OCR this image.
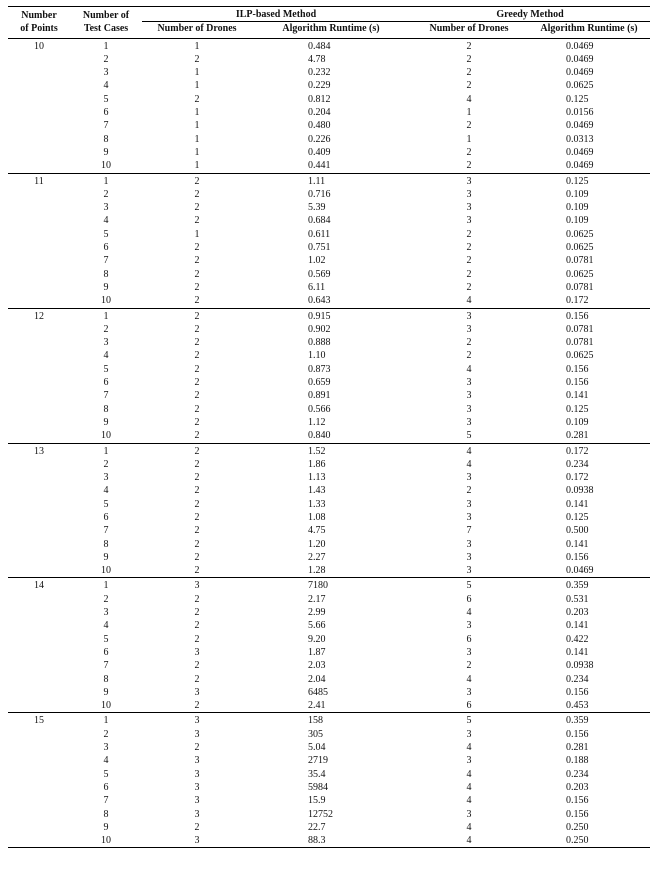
Number	Number of	ILP-based Method		Greedy Method	
of Points	Test Cases	Number of Drones	Algorithm Runtime (s)	Number of Drones	Algorithm Runtime (s)
10	1	1	0.484	2	0.0469
	2	2	4.78	2	0.0469
	3	1	0.232	2	0.0469
	4	1	0.229	2	0.0625
	5	2	0.812	4	0.125
	6	1	0.204	1	0.0156
	7	1	0.480	2	0.0469
	8	1	0.226	1	0.0313
	9	1	0.409	2	0.0469
	10	1	0.441	2	0.0469
11	1	2	1.11	3	0.125
	2	2	0.716	3	0.109
	3	2	5.39	3	0.109
	4	2	0.684	3	0.109
	5	1	0.611	2	0.0625
	6	2	0.751	2	0.0625
	7	2	1.02	2	0.0781
	8	2	0.569	2	0.0625
	9	2	6.11	2	0.0781
	10	2	0.643	4	0.172
12	1	2	0.915	3	0.156
	2	2	0.902	3	0.0781
	3	2	0.888	2	0.0781
	4	2	1.10	2	0.0625
	5	2	0.873	4	0.156
	6	2	0.659	3	0.156
	7	2	0.891	3	0.141
	8	2	0.566	3	0.125
	9	2	1.12	3	0.109
	10	2	0.840	5	0.281
13	1	2	1.52	4	0.172
	2	2	1.86	4	0.234
	3	2	1.13	3	0.172
	4	2	1.43	2	0.0938
	5	2	1.33	3	0.141
	6	2	1.08	3	0.125
	7	2	4.75	7	0.500
	8	2	1.20	3	0.141
	9	2	2.27	3	0.156
	10	2	1.28	3	0.0469
14	1	3	7180	5	0.359
	2	2	2.17	6	0.531
	3	2	2.99	4	0.203
	4	2	5.66	3	0.141
	5	2	9.20	6	0.422
	6	3	1.87	3	0.141
	7	2	2.03	2	0.0938
	8	2	2.04	4	0.234
	9	3	6485	3	0.156
	10	2	2.41	6	0.453
15	1	3	158	5	0.359
	2	3	305	3	0.156
	3	2	5.04	4	0.281
	4	3	2719	3	0.188
	5	3	35.4	4	0.234
	6	3	5984	4	0.203
	7	3	15.9	4	0.156
	8	3	12752	3	0.156
	9	2	22.7	4	0.250
	10	3	88.3	4	0.250
